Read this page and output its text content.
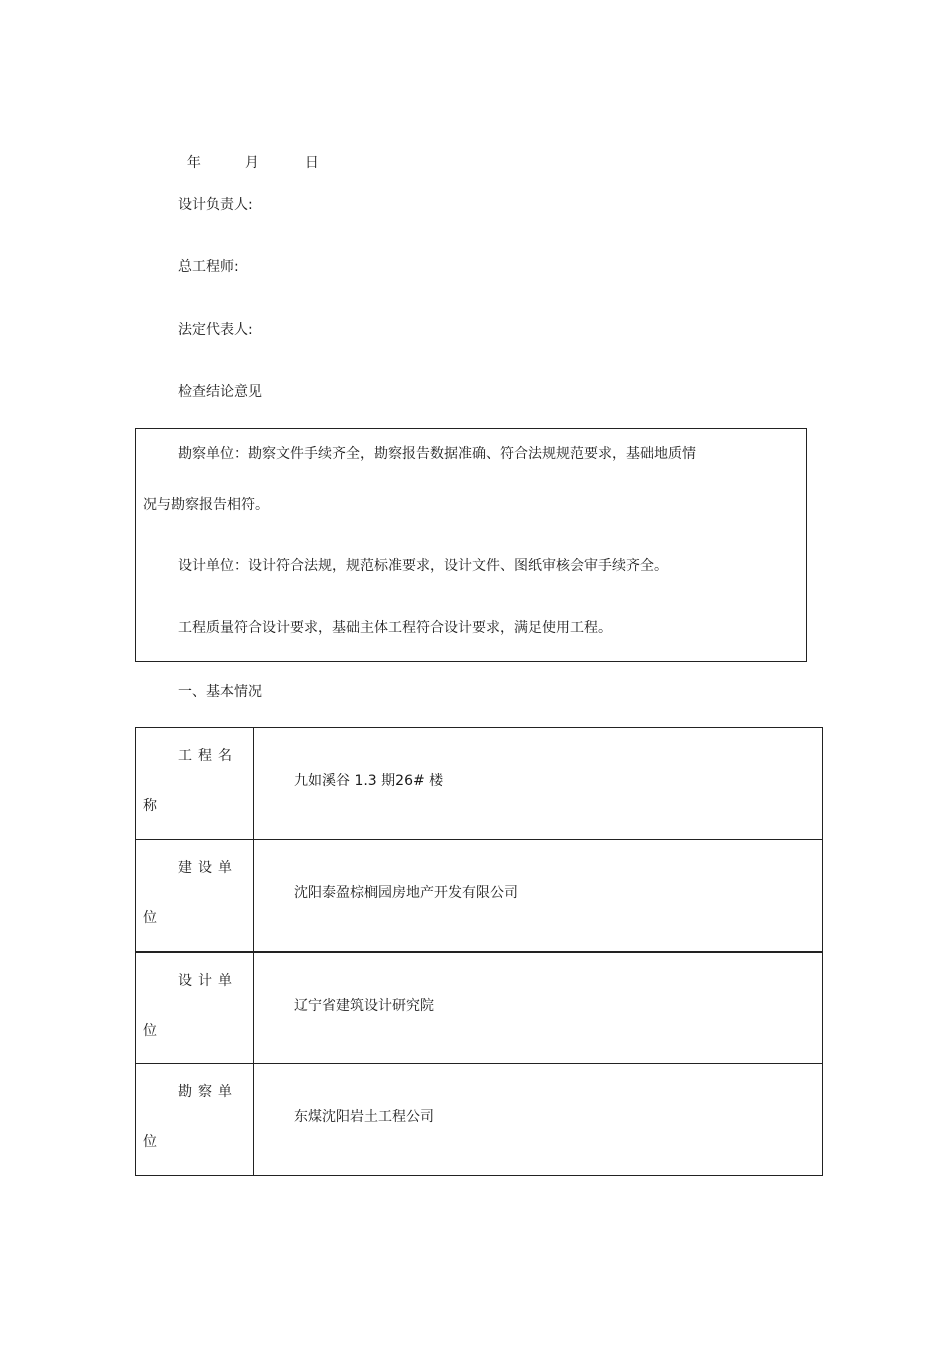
年	月	日

设计负责人:
总工程师:
法定代表人:
检查结论意见

勘察单位：勘察文件手续齐全，勘察报告数据准确、符合法规规范要求，基础地质情

况与勘察报告相符。

设计单位：设计符合法规，规范标准要求，设计文件、图纸审核会审手续齐全。

工程质量符合设计要求，基础主体工程符合设计要求，满足使用工程。

一、基本情况
工程名
称	九如溪谷 1.3 期26# 楼

建设单
位	沈阳泰盈棕榈园房地产开发有限公司

设计单
位	辽宁省建筑设计研究院

勘察单
位	东煤沈阳岩土工程公司
